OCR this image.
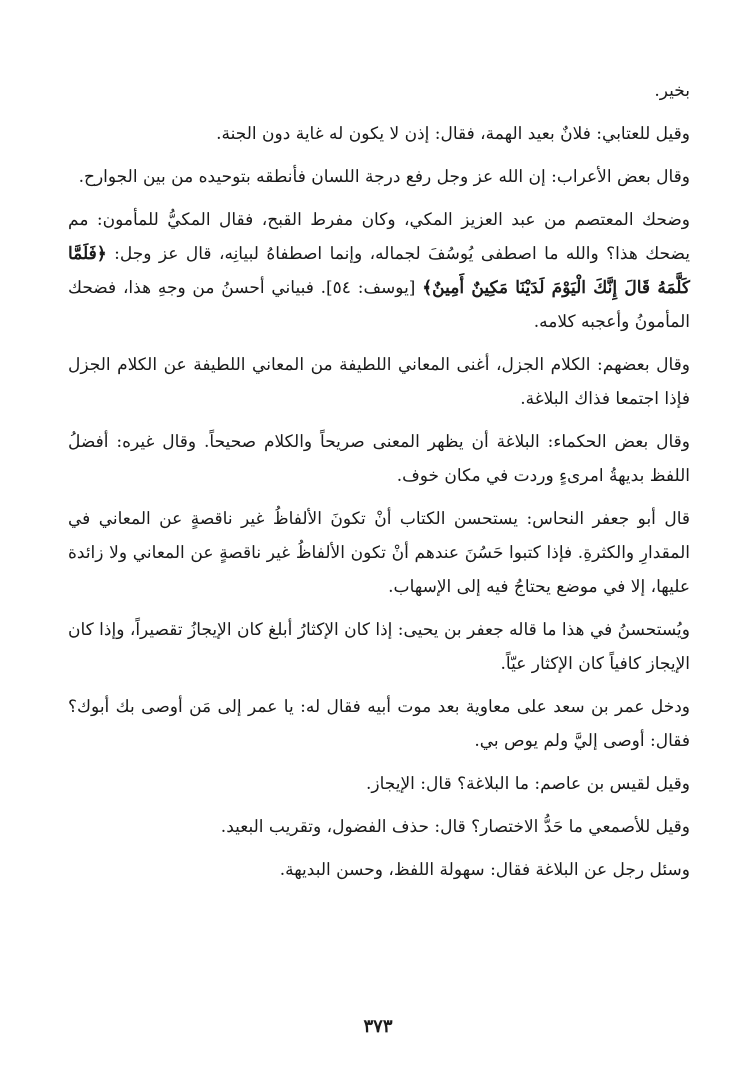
بخير.

وقيل للعتابي: فلانٌ بعيد الهمة، فقال: إذن لا يكون له غاية دون الجنة.

وقال بعض الأعراب: إن الله عز وجل رفع درجة اللسان فأنطقه بتوحيده من بين الجوارح.

وضحك المعتصم من عبد العزيز المكي، وكان مفرط القبح، فقال المكيُّ للمأمون: مم يضحك هذا؟ والله ما اصطفى يُوسُفَ لجماله، وإنما اصطفاهُ لبيانِه، قال عز وجل: ﴿فَلَمَّا كَلَّمَهُ قَالَ إِنَّكَ الْيَوْمَ لَدَيْنَا مَكِينٌ أَمِينٌ﴾ [يوسف: ٥٤]. فبياني أحسنُ من وجهِ هذا، فضحك المأمونُ وأعجبه كلامه.

وقال بعضهم: الكلام الجزل، أغنى المعاني اللطيفة من المعاني اللطيفة عن الكلام الجزل فإذا اجتمعا فذاك البلاغة.

وقال بعض الحكماء: البلاغة أن يظهر المعنى صريحاً والكلام صحيحاً. وقال غيره: أفضلُ اللفظ بديهةُ امرىءٍ وردت في مكان خوف.

قال أبو جعفر النحاس: يستحسن الكتاب أنْ تكونَ الألفاظُ غير ناقصةٍ عن المعاني في المقدارِ والكثرةِ. فإذا كتبوا حَسُنَ عندهم أنْ تكون الألفاظُ غير ناقصةٍ عن المعاني ولا زائدة عليها، إلا في موضع يحتاجُ فيه إلى الإسهاب.

ويُستحسنُ في هذا ما قاله جعفر بن يحيى: إذا كان الإكثارُ أبلغ كان الإيجازُ تقصيراً، وإذا كان الإيجاز كافياً كان الإكثار عيّاً.

ودخل عمر بن سعد على معاوية بعد موت أبيه فقال له: يا عمر إلى مَن أوصى بك أبوك؟ فقال: أوصى إليَّ ولم يوص بي.

وقيل لقيس بن عاصم: ما البلاغة؟ قال: الإيجاز.

وقيل للأصمعي ما حَدُّ الاختصار؟ قال: حذف الفضول، وتقريب البعيد.

وسئل رجل عن البلاغة فقال: سهولة اللفظ، وحسن البديهة.

٣٧٣
